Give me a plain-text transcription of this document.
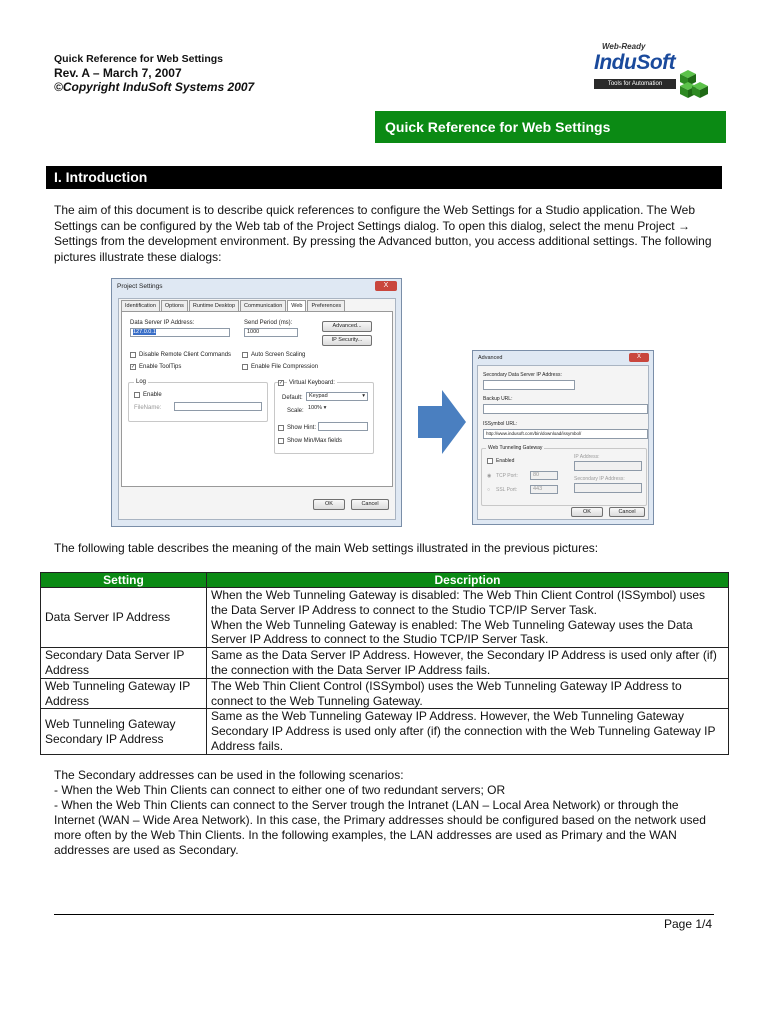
Quick Reference for Web Settings
Rev. A – March 7, 2007
©Copyright InduSoft Systems 2007
Web-Ready
InduSoft
Tools for Automation
Quick Reference for Web Settings
I. Introduction
The aim of this document is to describe quick references to configure the Web Settings for a Studio application. The Web Settings can be configured by the Web tab of the Project Settings dialog. To open this dialog, select the menu Project → Settings from the development environment. By pressing the Advanced button, you access additional settings. The following pictures illustrate these dialogs:
Project Settings	X
Identification	Options	Runtime Desktop	Communication	Web	Preferences
Data Server IP Address:
127.0.0.1
Send Period (ms):
1000
Advanced...
IP Security...
Disable Remote Client Commands	Auto Screen Scaling
✓ Enable ToolTips	Enable File Compression
Log
Enable
FileName:
✓ Virtual Keyboard:
Default:	Keypad	▾
Scale: 100% ▾
Show Hint:
Show Min/Max fields
OK	Cancel
Advanced	X
Secondary Data Server IP Address:
Backup URL:
ISSymbol URL:
http://www.indusoft.com/bin/download/issymbol/
Web Tunneling Gateway
Enabled
IP Address:
◉ TCP Port:	80
○ SSL Port:	443
Secondary IP Address:
OK	Cancel
The following table describes the meaning of the main Web settings illustrated in the previous pictures:
Setting	Description
Data Server IP Address	When the Web Tunneling Gateway is disabled: The Web Thin Client Control (ISSymbol) uses the Data Server IP Address to connect to the Studio TCP/IP Server Task.
When the Web Tunneling Gateway is enabled: The Web Tunneling Gateway uses the Data Server IP Address to connect to the Studio TCP/IP Server Task.
Secondary Data Server IP Address	Same as the Data Server IP Address. However, the Secondary IP Address is used only after (if) the connection with the Data Server IP Address fails.
Web Tunneling Gateway IP Address	The Web Thin Client Control (ISSymbol) uses the Web Tunneling Gateway IP Address to connect to the Web Tunneling Gateway.
Web Tunneling Gateway Secondary IP Address	Same as the Web Tunneling Gateway IP Address. However, the Web Tunneling Gateway Secondary IP Address is used only after (if) the connection with the Web Tunneling Gateway IP Address fails.
The Secondary addresses can be used in the following scenarios:
- When the Web Thin Clients can connect to either one of two redundant servers; OR
- When the Web Thin Clients can connect to the Server trough the Intranet (LAN – Local Area Network) or through the Internet (WAN – Wide Area Network). In this case, the Primary addresses should be configured based on the network used more often by the Web Thin Clients. In the following examples, the LAN addresses are used as Primary and the WAN addresses are used as Secondary.
Page 1/4
